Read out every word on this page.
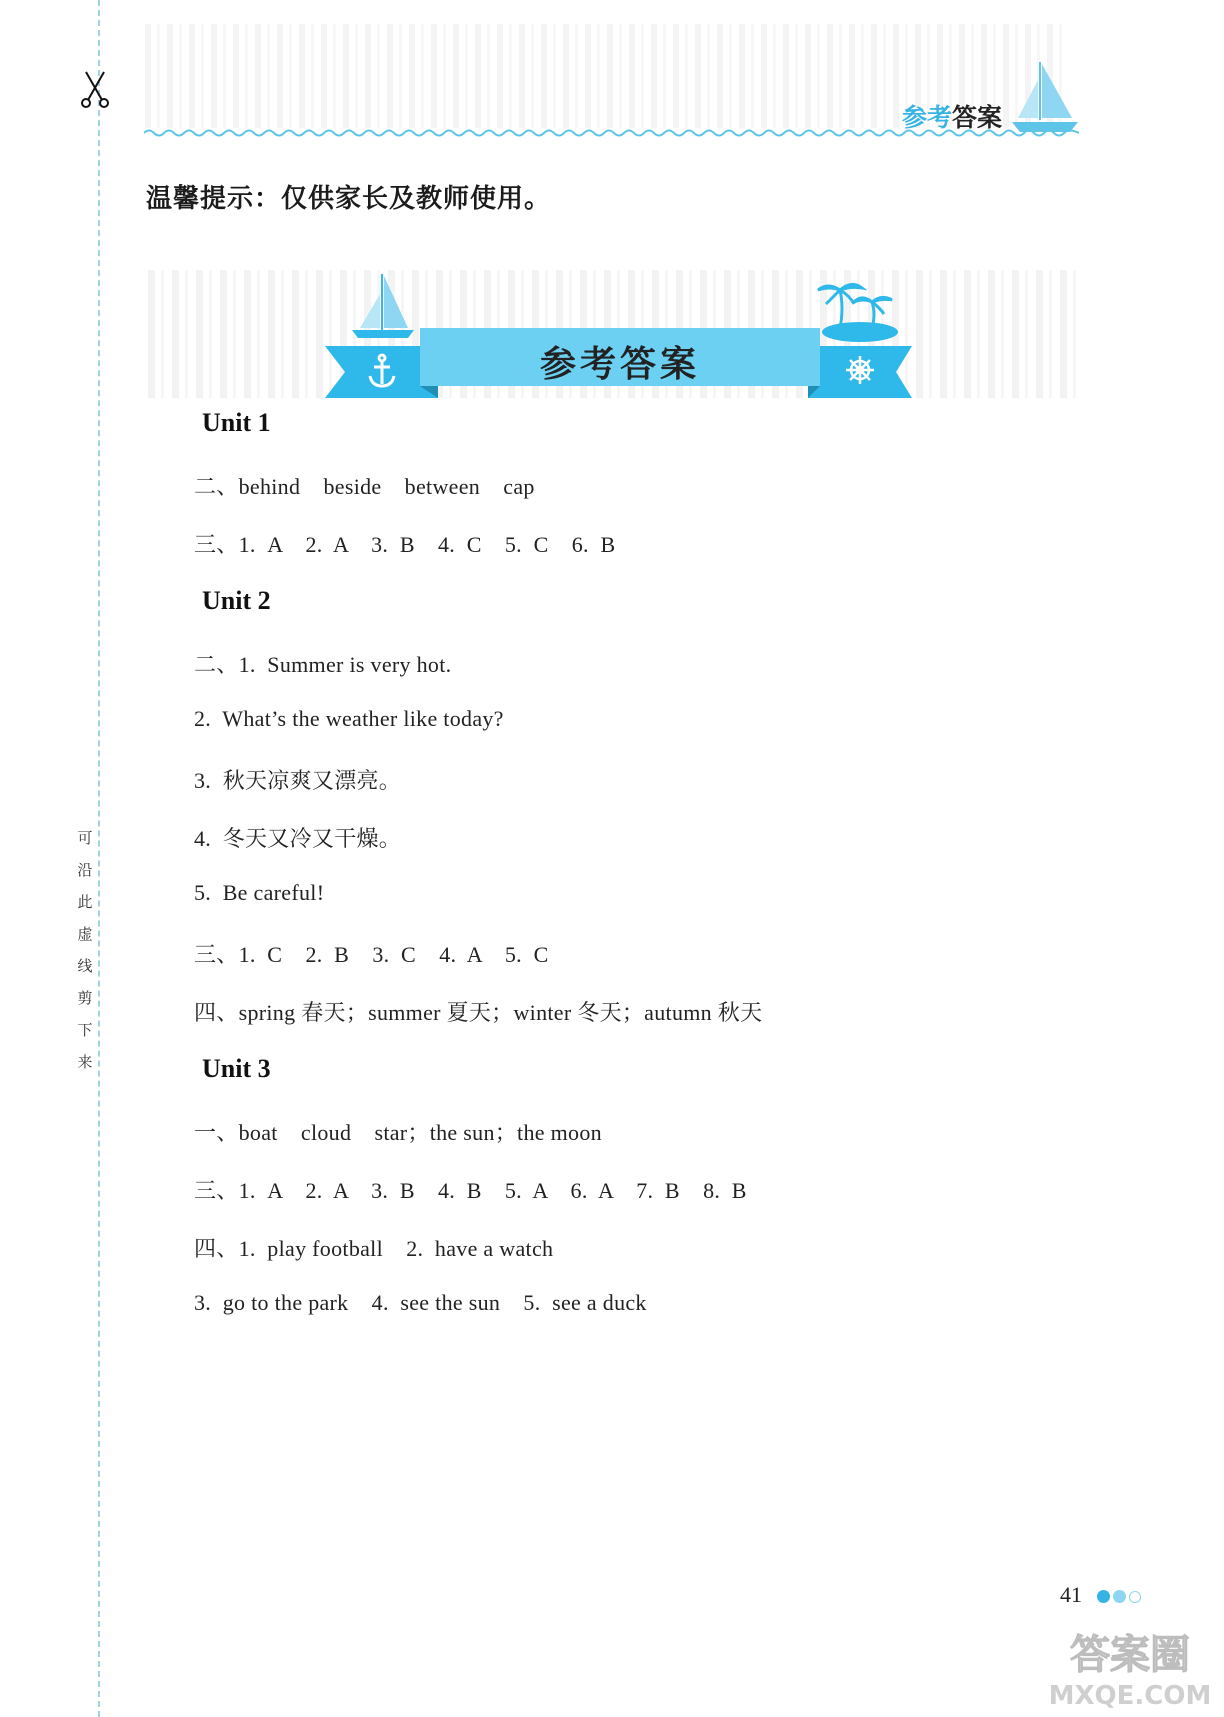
可
沿
此
虚
线
剪
下
来
参考答案
温馨提示：仅供家长及教师使用。
参考答案
Unit 1
二、behind    beside    between    cap
三、1.  A    2.  A    3.  B    4.  C    5.  C    6.  B
Unit 2
二、1.  Summer is very hot.
2.  What’s the weather like today?
3.  秋天凉爽又漂亮。
4.  冬天又冷又干燥。
5.  Be careful!
三、1.  C    2.  B    3.  C    4.  A    5.  C
四、spring 春天；summer 夏天；winter 冬天；autumn 秋天
Unit 3
一、boat    cloud    star；the sun；the moon
三、1.  A    2.  A    3.  B    4.  B    5.  A    6.  A    7.  B    8.  B
四、1.  play football    2.  have a watch
3.  go to the park    4.  see the sun    5.  see a duck
41
答案圈
MXQE.COM
